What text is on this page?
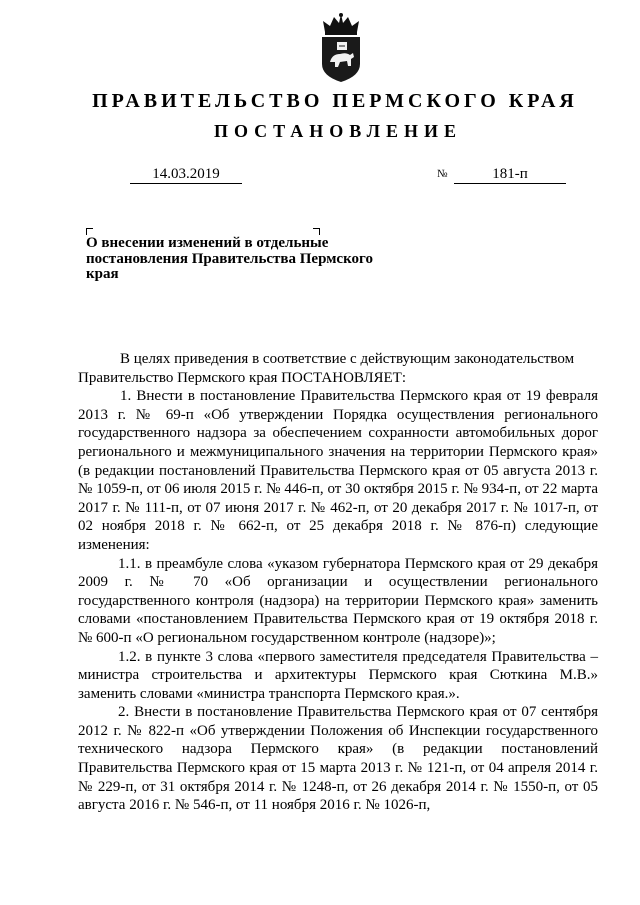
ПРАВИТЕЛЬСТВО ПЕРМСКОГО КРАЯ
ПОСТАНОВЛЕНИЕ
14.03.2019	№	181-п
О внесении изменений в отдельные постановления Правительства Пермского края

В целях приведения в соответствие с действующим законодательством

Правительство Пермского края ПОСТАНОВЛЯЕТ:

1. Внести в постановление Правительства Пермского края от 19 февраля 2013 г. № 69-п «Об утверждении Порядка осуществления регионального государственного надзора за обеспечением сохранности автомобильных дорог регионального и межмуниципального значения на территории Пермского края» (в редакции постановлений Правительства Пермского края от 05 августа 2013 г. № 1059-п, от 06 июля 2015 г. № 446-п, от 30 октября 2015 г. № 934-п, от 22 марта 2017 г. № 111-п, от 07 июня 2017 г. № 462-п, от 20 декабря 2017 г. № 1017-п, от 02 ноября 2018 г. № 662-п, от 25 декабря 2018 г. № 876-п) следующие изменения:

1.1. в преамбуле слова «указом губернатора Пермского края от 29 декабря 2009 г. № 70 «Об организации и осуществлении регионального государственного контроля (надзора) на территории Пермского края» заменить словами «постановлением Правительства Пермского края от 19 октября 2018 г. № 600-п «О региональном государственном контроле (надзоре)»;

1.2. в пункте 3 слова «первого заместителя председателя Правительства – министра строительства и архитектуры Пермского края Сюткина М.В.» заменить словами «министра транспорта Пермского края.».

2. Внести в постановление Правительства Пермского края от 07 сентября 2012 г. № 822-п «Об утверждении Положения об Инспекции государственного технического надзора Пермского края» (в редакции постановлений Правительства Пермского края от 15 марта 2013 г. № 121-п, от 04 апреля 2014 г. № 229-п, от 31 октября 2014 г. № 1248-п, от 26 декабря 2014 г. № 1550-п, от 05 августа 2016 г. № 546-п, от 11 ноября 2016 г. № 1026-п,
